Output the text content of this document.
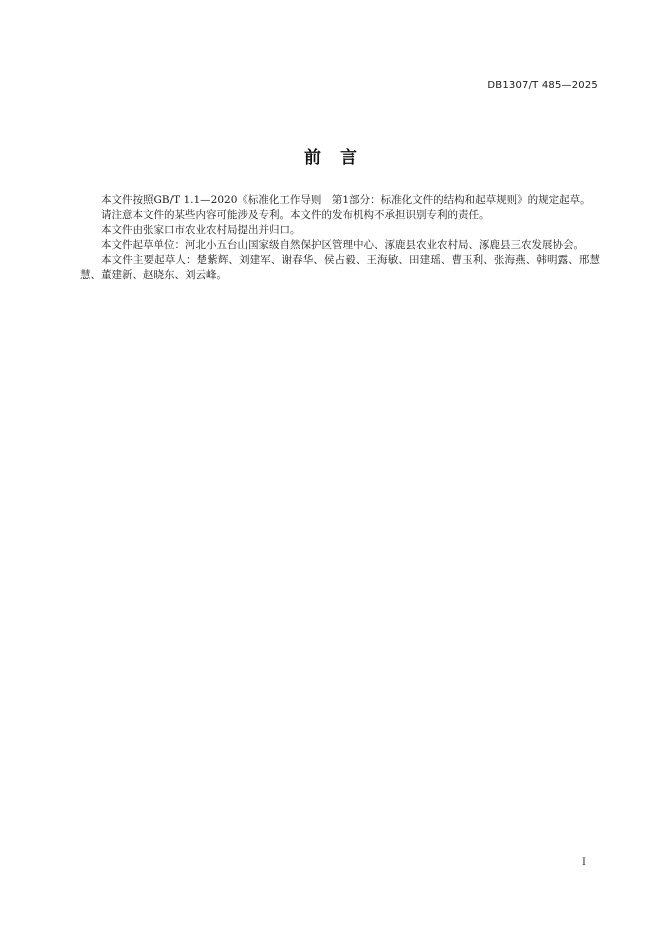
DB1307/T 485—2025
前　言

本文件按照GB/T 1.1—2020《标准化工作导则　第1部分：标准化文件的结构和起草规则》的规定起草。

请注意本文件的某些内容可能涉及专利。本文件的发布机构不承担识别专利的责任。

本文件由张家口市农业农村局提出并归口。

本文件起草单位：河北小五台山国家级自然保护区管理中心、涿鹿县农业农村局、涿鹿县三农发展协会。

本文件主要起草人：楚紫辉、刘建军、谢春华、侯占毅、王海敏、田建瑶、曹玉利、张海燕、韩明露、邢慧慧、董建新、赵晓东、刘云峰。

I
